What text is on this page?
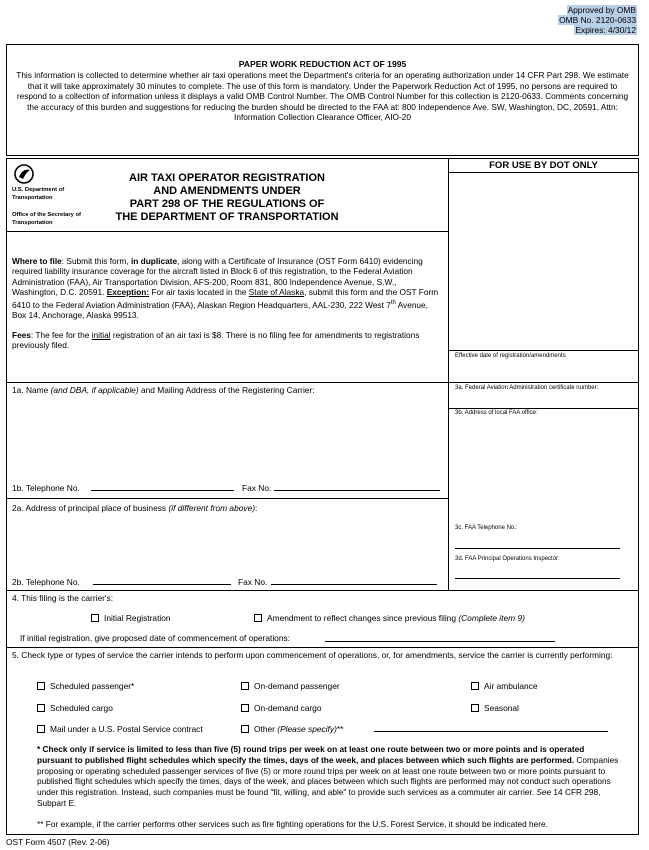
Approved by OMB
OMB No. 2120-0633
Expires: 4/30/12
PAPER WORK REDUCTION ACT OF 1995
This information is collected to determine whether air taxi operations meet the Department's criteria for an operating authorization under 14 CFR Part 298. We estimate that it will take approximately 30 minutes to complete. The use of this form is mandatory. Under the Paperwork Reduction Act of 1995, no persons are required to respond to a collection of information unless it displays a valid OMB Control Number. The OMB Control Number for this collection is 2120-0633. Comments concerning the accuracy of this burden and suggestions for reducing the burden should be directed to the FAA at: 800 Independence Ave. SW, Washington, DC, 20591, Attn: Information Collection Clearance Officer, AIO-20
FOR USE BY DOT ONLY
U.S. Department of Transportation
Office of the Secretary of Transportation
AIR TAXI OPERATOR REGISTRATION
AND AMENDMENTS UNDER
PART 298 OF THE REGULATIONS OF
THE DEPARTMENT OF TRANSPORTATION
Where to file: Submit this form, in duplicate, along with a Certificate of Insurance (OST Form 6410) evidencing required liability insurance coverage for the aircraft listed in Block 6 of this registration, to the Federal Aviation Administration (FAA), Air Transportation Division, AFS-200, Room 831, 800 Independence Avenue, S.W., Washington, D.C. 20591. Exception: For air taxis located in the State of Alaska, submit this form and the OST Form 6410 to the Federal Aviation Administration (FAA), Alaskan Region Headquarters, AAL-230, 222 West 7th Avenue, Box 14, Anchorage, Alaska 99513.
Fees: The fee for the initial registration of an air taxi is $8. There is no filing fee for amendments to registrations previously filed.
Effective date of registration/amendments
1a. Name (and DBA, if applicable) and Mailing Address of the Registering Carrier:
1b. Telephone No.	Fax No.
2a. Address of principal place of business (if different from above):
2b. Telephone No.	Fax No.
3a. Federal Aviation Administration certificate number:
3b. Address of local FAA office:
3c. FAA Telephone No.:
3d. FAA Principal Operations Inspector:
4. This filing is the carrier's:
Initial Registration	Amendment to reflect changes since previous filing (Complete item 9)
If initial registration, give proposed date of commencement of operations:
5. Check type or types of service the carrier intends to perform upon commencement of operations, or, for amendments, service the carrier is currently performing:
Scheduled passenger*	On-demand passenger	Air ambulance
Scheduled cargo	On-demand cargo	Seasonal
Mail under a U.S. Postal Service contract	Other (Please specify)**
* Check only if service is limited to less than five (5) round trips per week on at least one route between two or more points and is operated pursuant to published flight schedules which specify the times, days of the week, and places between which such flights are performed. Companies proposing or operating scheduled passenger services of five (5) or more round trips per week on at least one route between two or more points pursuant to published flight schedules which specify the times, days of the week, and places between which such flights are performed may not conduct such operations under this registration. Instead, such companies must be found "fit, willing, and able" to provide such services as a commuter air carrier. See 14 CFR 298, Subpart E.
** For example, if the carrier performs other services such as fire fighting operations for the U.S. Forest Service, it should be indicated here.
OST Form 4507 (Rev. 2-06)
